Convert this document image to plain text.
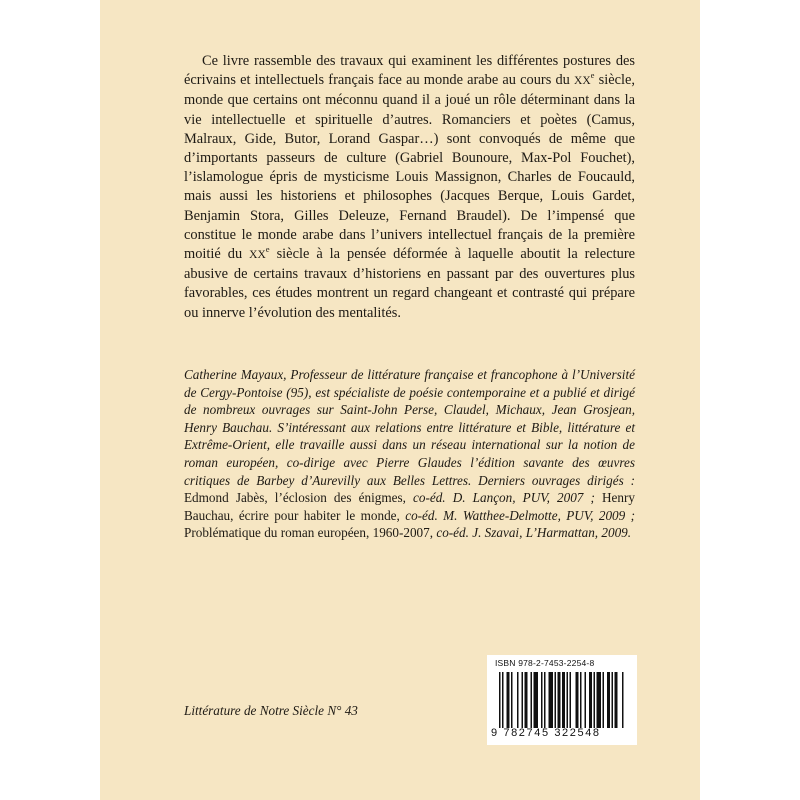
Ce livre rassemble des travaux qui examinent les différentes postures des écrivains et intellectuels français face au monde arabe au cours du XXe siècle, monde que certains ont méconnu quand il a joué un rôle déterminant dans la vie intellectuelle et spirituelle d’autres. Romanciers et poètes (Camus, Malraux, Gide, Butor, Lorand Gaspar…) sont convoqués de même que d’importants passeurs de culture (Gabriel Bounoure, Max-Pol Fouchet), l’islamologue épris de mysticisme Louis Massignon, Charles de Foucauld, mais aussi les historiens et philosophes (Jacques Berque, Louis Gardet, Benjamin Stora, Gilles Deleuze, Fernand Braudel). De l’impensé que constitue le monde arabe dans l’univers intellectuel français de la première moitié du XXe siècle à la pensée déformée à laquelle aboutit la relecture abusive de certains travaux d’historiens en passant par des ouvertures plus favorables, ces études montrent un regard changeant et contrasté qui prépare ou innerve l’évolution des mentalités.

Catherine Mayaux, Professeur de littérature française et francophone à l’Université de Cergy-Pontoise (95), est spécialiste de poésie contemporaine et a publié et dirigé de nombreux ouvrages sur Saint-John Perse, Claudel, Michaux, Jean Grosjean, Henry Bauchau. S’intéressant aux relations entre littérature et Bible, littérature et Extrême-Orient, elle travaille aussi dans un réseau international sur la notion de roman européen, co-dirige avec Pierre Glaudes l’édition savante des œuvres critiques de Barbey d’Aurevilly aux Belles Lettres. Derniers ouvrages dirigés : Edmond Jabès, l’éclosion des énigmes, co-éd. D. Lançon, PUV, 2007 ; Henry Bauchau, écrire pour habiter le monde, co-éd. M. Watthee-Delmotte, PUV, 2009 ; Problématique du roman européen, 1960-2007, co-éd. J. Szavai, L’Harmattan, 2009.
Littérature de Notre Siècle N° 43
ISBN 978-2-7453-2254-8
9 782745 322548
